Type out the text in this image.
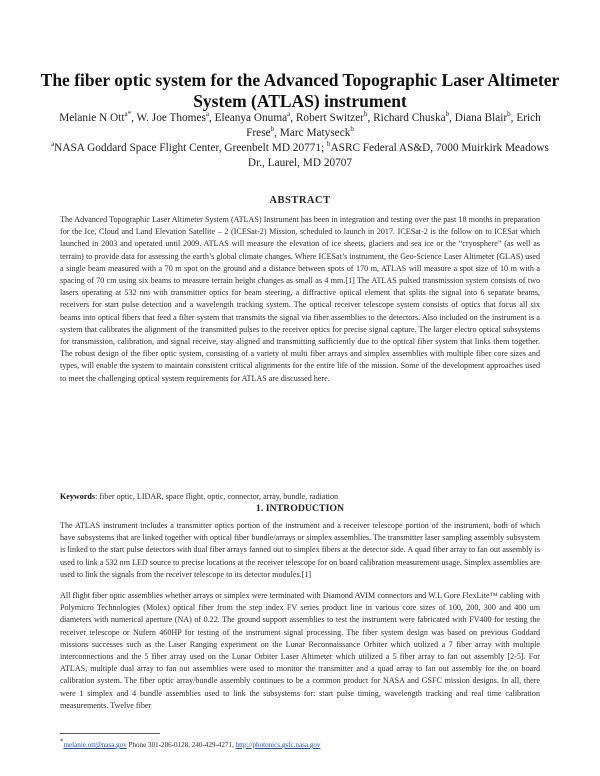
The fiber optic system for the Advanced Topographic Laser Altimeter System (ATLAS) instrument
Melanie N Ott$^{a*}$, W. Joe Thomes$^a$, Eleanya Onuma$^a$, Robert Switzer$^b$, Richard Chuska$^b$, Diana Blair$^b$, Erich Frese$^b$, Marc Matyseck$^b$
$^a$NASA Goddard Space Flight Center, Greenbelt MD 20771; $^b$ASRC Federal AS&D, 7000 Muirkirk Meadows Dr., Laurel, MD 20707
ABSTRACT

The Advanced Topographic Laser Altimeter System (ATLAS) Instrument has been in integration and testing over the past 18 months in preparation for the Ice, Cloud and Land Elevation Satellite – 2 (ICESat-2) Mission, scheduled to launch in 2017. ICESat-2 is the follow on to ICESat which launched in 2003 and operated until 2009. ATLAS will measure the elevation of ice sheets, glaciers and sea ice or the “cryosphere” (as well as terrain) to provide data for assessing the earth’s global climate changes. Where ICESat’s instrument, the Geo-Science Laser Altimeter (GLAS) used a single beam measured with a 70 m spot on the ground and a distance between spots of 170 m, ATLAS will measure a spot size of 10 m with a spacing of 70 cm using six beams to measure terrain height changes as small as 4 mm.[1] The ATLAS pulsed transmission system consists of two lasers operating at 532 nm with transmitter optics for beam steering, a diffractive optical element that splits the signal into 6 separate beams, receivers for start pulse detection and a wavelength tracking system. The optical receiver telescope system consists of optics that focus all six beams into optical fibers that feed a filter system that transmits the signal via fiber assemblies to the detectors. Also included on the instrument is a system that calibrates the alignment of the transmitted pulses to the receiver optics for precise signal capture. The larger electro optical subsystems for transmission, calibration, and signal receive, stay aligned and transmitting sufficiently due to the optical fiber system that links them together. The robust design of the fiber optic system, consisting of a variety of multi fiber arrays and simplex assemblies with multiple fiber core sizes and types, will enable the system to maintain consistent critical alignments for the entire life of the mission. Some of the development approaches used to meet the challenging optical system requirements for ATLAS are discussed here.

Keywords: fiber optic, LIDAR, space flight, optic, connector, array, bundle, radiation

1. INTRODUCTION

The ATLAS instrument includes a transmitter optics portion of the instrument and a receiver telescope portion of the instrument, both of which have subsystems that are linked together with optical fiber bundle/arrays or simplex assemblies. The transmitter laser sampling assembly subsystem is linked to the start pulse detectors with dual fiber arrays fanned out to simplex fibers at the detector side. A quad fiber array to fan out assembly is used to link a 532 nm LED source to precise locations at the receiver telescope for on board calibration measurement usage. Simplex assemblies are used to link the signals from the receiver telescope to its detector modules.[1]

All flight fiber optic assemblies whether arrays or simplex were terminated with Diamond AVIM connectors and W.L Gore FlexLite™ cabling with Polymicro Technologies (Molex) optical fiber from the step index FV series product line in various core sizes of 100, 200, 300 and 400 um diameters with numerical aperture (NA) of 0.22. The ground support assemblies to test the instrument were fabricated with FV400 for testing the receiver telescope or Nufern 460HP for testing of the instrument signal processing. The fiber system design was based on previous Goddard missions successes such as the Laser Ranging experiment on the Lunar Reconnaissance Orbiter which utilized a 7 fiber array with multiple interconnections and the 5 fiber array used on the Lunar Orbiter Laser Altimeter which utilized a 5 fiber array to fan out assembly [2-5]. For ATLAS, multiple dual array to fan out assemblies were used to monitor the transmitter and a quad array to fan out assembly for the on board calibration system. The fiber optic array/bundle assembly continues to be a common product for NASA and GSFC mission designs. In all, there were 1 simplex and 4 bundle assemblies used to link the subsystems for: start pulse timing, wavelength tracking and real time calibration measurements. Twelve fiber

*melanie.ott@nasa.gov Phone 301-286-0128, 240-429-4271, http://photonics.gsfc.nasa.gov
